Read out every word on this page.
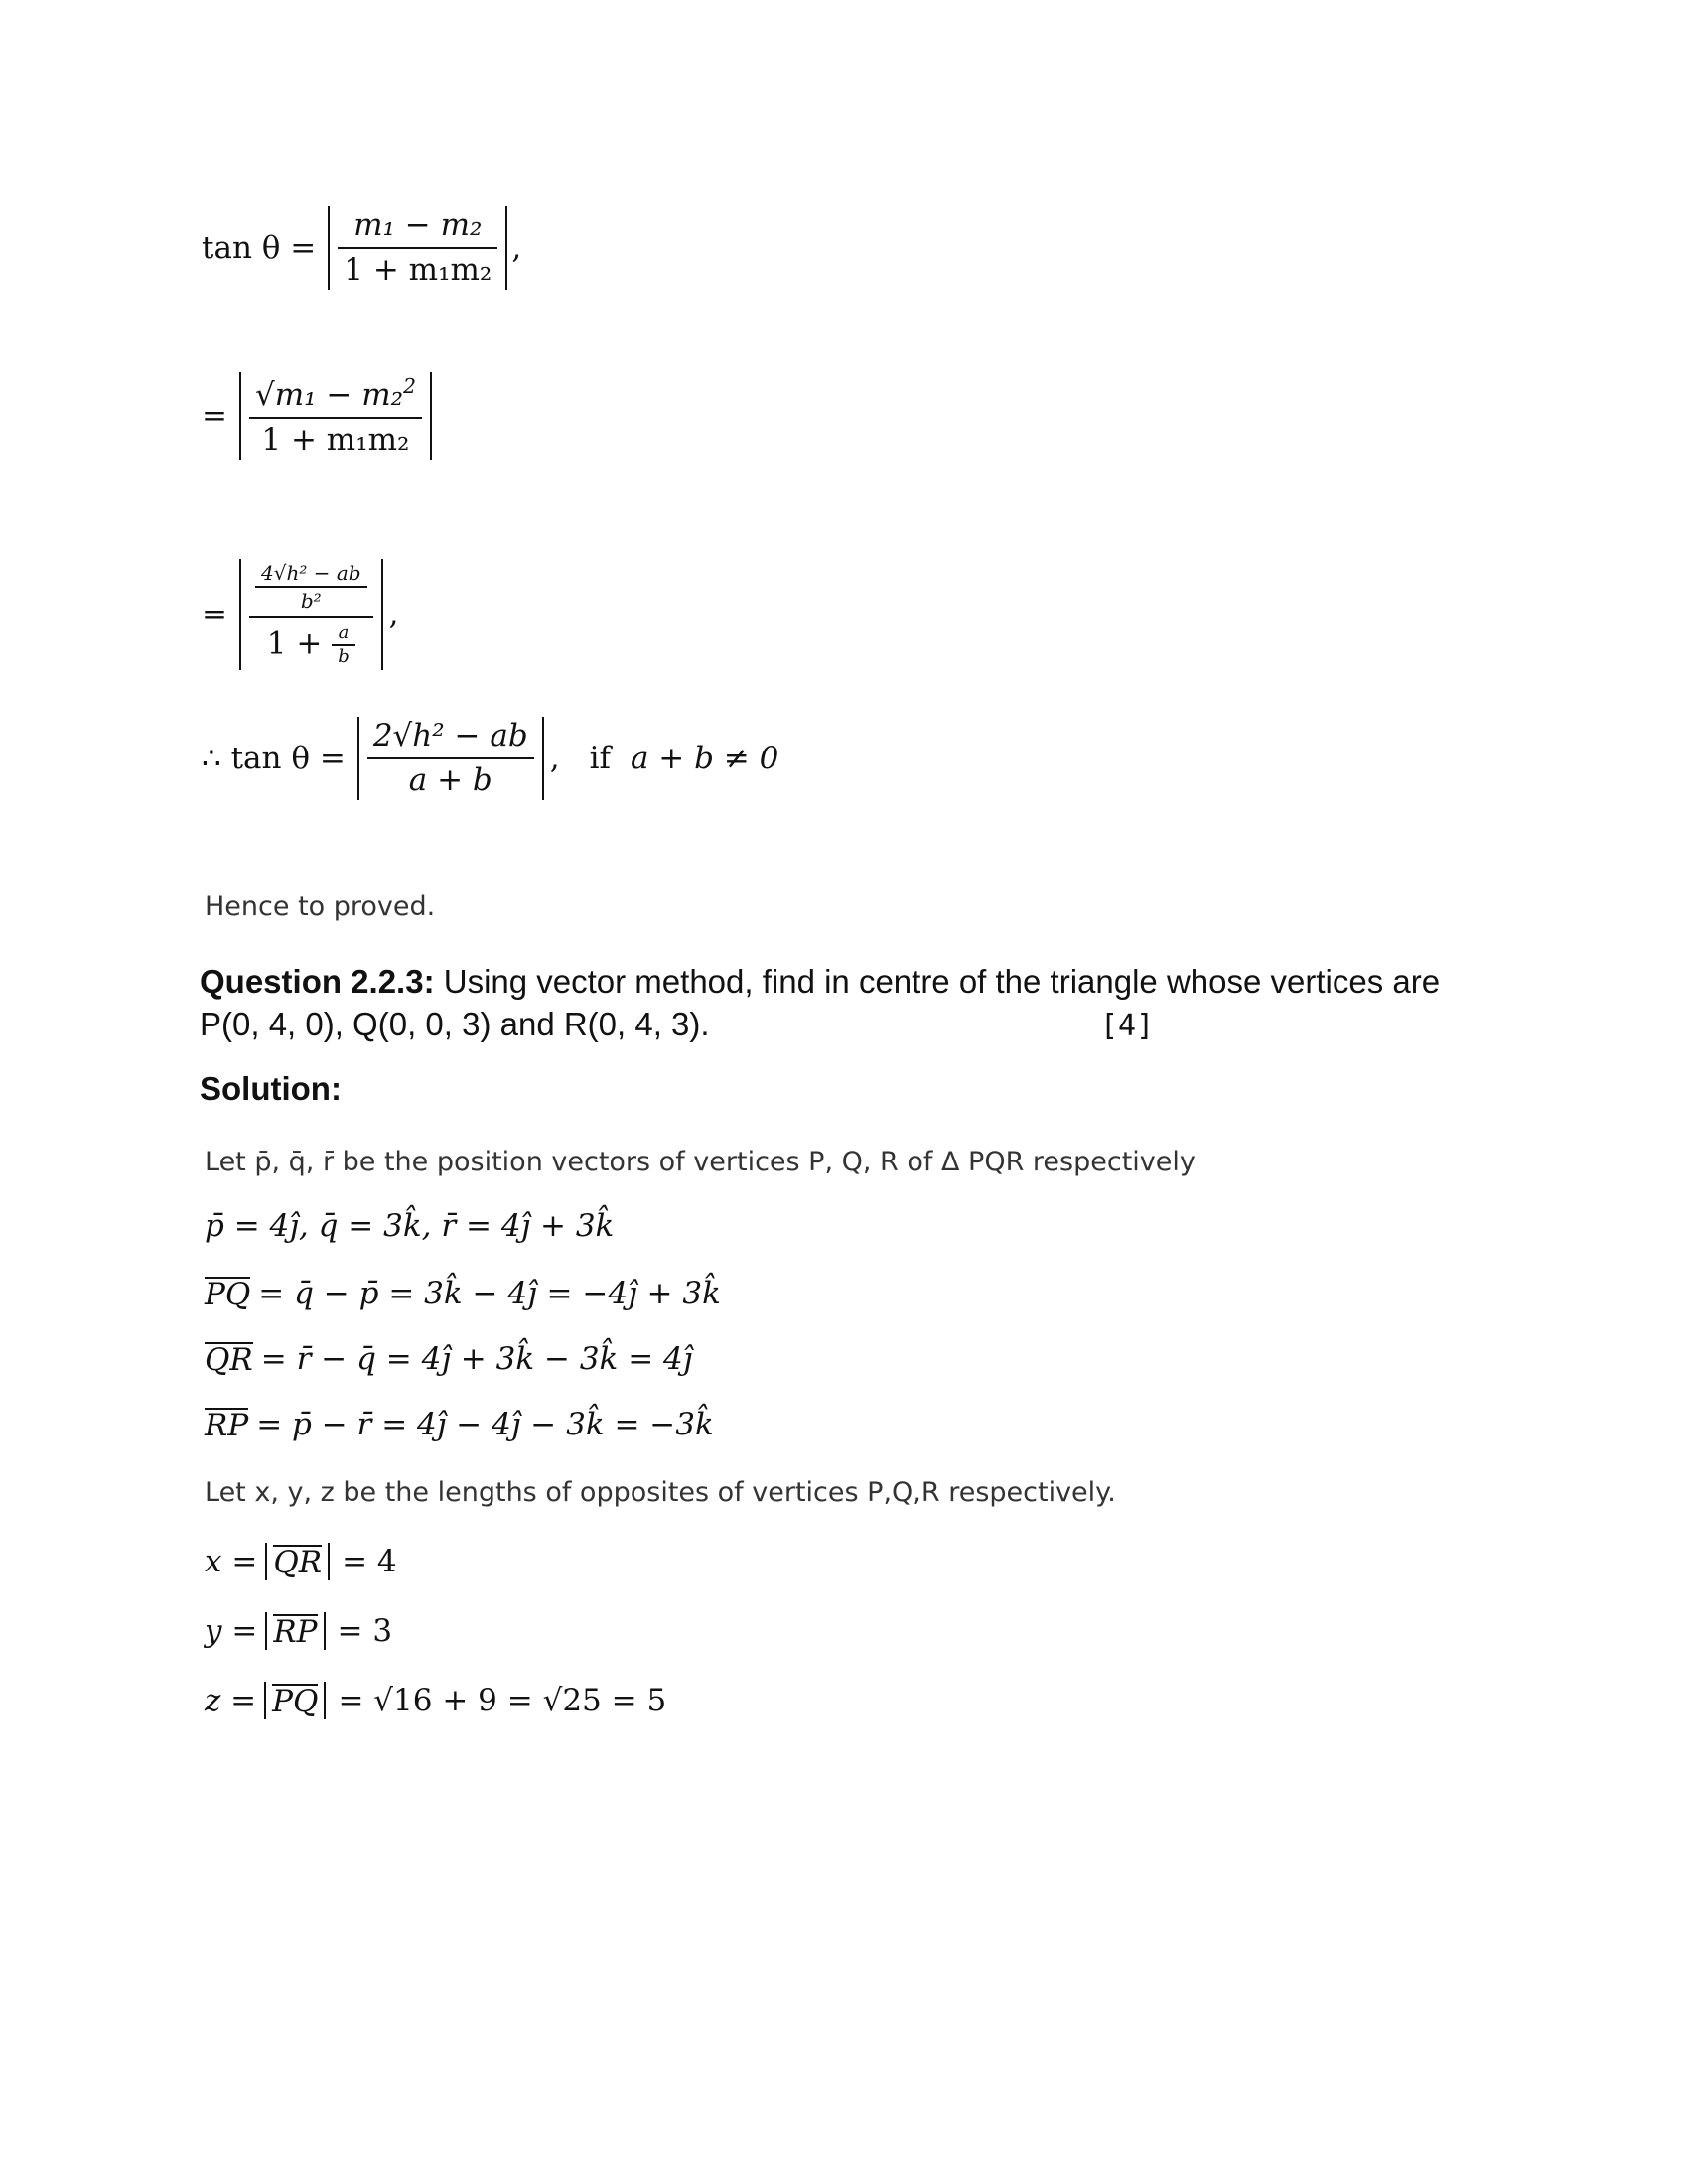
$\tan \theta = \frac{\text{m₁ − m₂}}{\text{1 + m₁m₂}}$ ,
= $\frac{√m_1 - m_2^2}{\text{1 + m₁m₂}}$
= $\frac{\frac{\text{4√h² − ab}}{\text{b²}}}{1 + \frac{a}{b}}$ ,
∴ $\tan \theta = \frac{\text{2√h² − ab}}{a + b}$ , if a + b ≠ 0
Hence to proved.
Question 2.2.3: Using vector method, find in centre of the triangle whose vertices are
P(0, 4, 0), Q(0, 0, 3) and R(0, 4, 3).	[4]
Solution:
Let p̄, q̄, r̄ be the position vectors of vertices P, Q, R of Δ PQR respectively
p̄ = 4ĵ, q̄ = 3k̂, r̄ = 4ĵ + 3k̂
PQ = q̄ − p̄ = 3k̂ − 4ĵ = −4ĵ + 3k̂
QR = r̄ − q̄ = 4ĵ + 3k̂ − 3k̂ = 4ĵ
RP = p̄ − r̄ = 4ĵ − 4ĵ − 3k̂ = −3k̂
Let x, y, z be the lengths of opposites of vertices P,Q,R respectively.
x = QR = 4
y = RP = 3
z = PQ = √16 + 9 = √25 = 5
